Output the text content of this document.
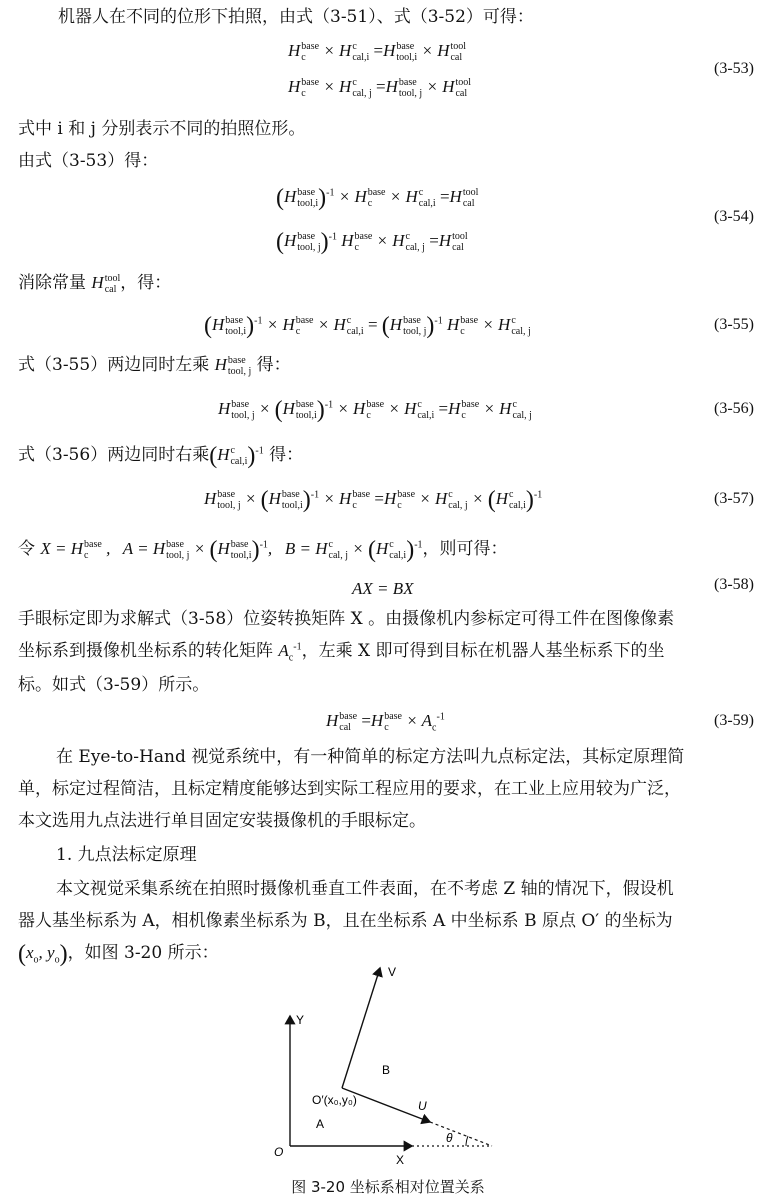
机器人在不同的位形下拍照，由式（3-51）、式（3-52）可得：
H base
c × H c
cal,i =H base
tool,i × H tool
cal
H base
c × H c
cal, j =H base
tool, j × H tool
cal
(3-53)
式中 i 和 j 分别表示不同的拍照位形。
由式（3-53）得：
(H base
tool,i )$^{-1}$ × H base
c × H c
cal,i =H tool
cal
(H base
tool, j )$^{-1}$ H base
c × H c
cal, j =H tool
cal
(3-54)
消除常量 H tool
cal ，得：
(H base
tool,i )$^{-1}$ × H base
c × H c
cal,i = (H base
tool, j )$^{-1}$ H base
c × H c
cal, j	(3-55)
式（3-55）两边同时左乘 H base
tool, j 得：
H base
tool, j × (H base
tool,i )$^{-1}$ × H base
c × H c
cal,i =H base
c × H c
cal, j	(3-56)
式（3-56）两边同时右乘(H c
cal,i )$^{-1}$ 得：
H base
tool, j × (H base
tool,i )$^{-1}$ × H base
c	=H base
c × H c
cal, j × (H c
cal,i )$^{-1}$	(3-57)
令 X = H base
c ,   A = H base
tool, j × (H base
tool,i )$^{-1}$,   B = H c
cal, j × (H c
cal,i )$^{-1}$，则可得：
AX = BX	(3-58)
手眼标定即为求解式（3-58）位姿转换矩阵 X 。由摄像机内参标定可得工件在图像像素
坐标系到摄像机坐标系的转化矩阵 $A_c^{-1}$，左乘 X 即可得到目标在机器人基坐标系下的坐
标。如式（3-59）所示。
H base
cal =H base
$c \times A_c^{-1}$	(3-59)
在 Eye-to-Hand 视觉系统中，有一种简单的标定方法叫九点标定法，其标定原理简
单，标定过程简洁，且标定精度能够达到实际工程应用的要求，在工业上应用较为广泛，
本文选用九点法进行单目固定安装摄像机的手眼标定。
1. 九点法标定原理
本文视觉采集系统在拍照时摄像机垂直工件表面，在不考虑 Z 轴的情况下，假设机
器人基坐标系为 A，相机像素坐标系为 B，且在坐标系 A 中坐标系 B 原点 O′ 的坐标为
($x_o$, $y_o$)，如图 3-20 所示：
Y
X
O
V
U
B
A
O′(x₀,y₀)
θ
图 3-20 坐标系相对位置关系
